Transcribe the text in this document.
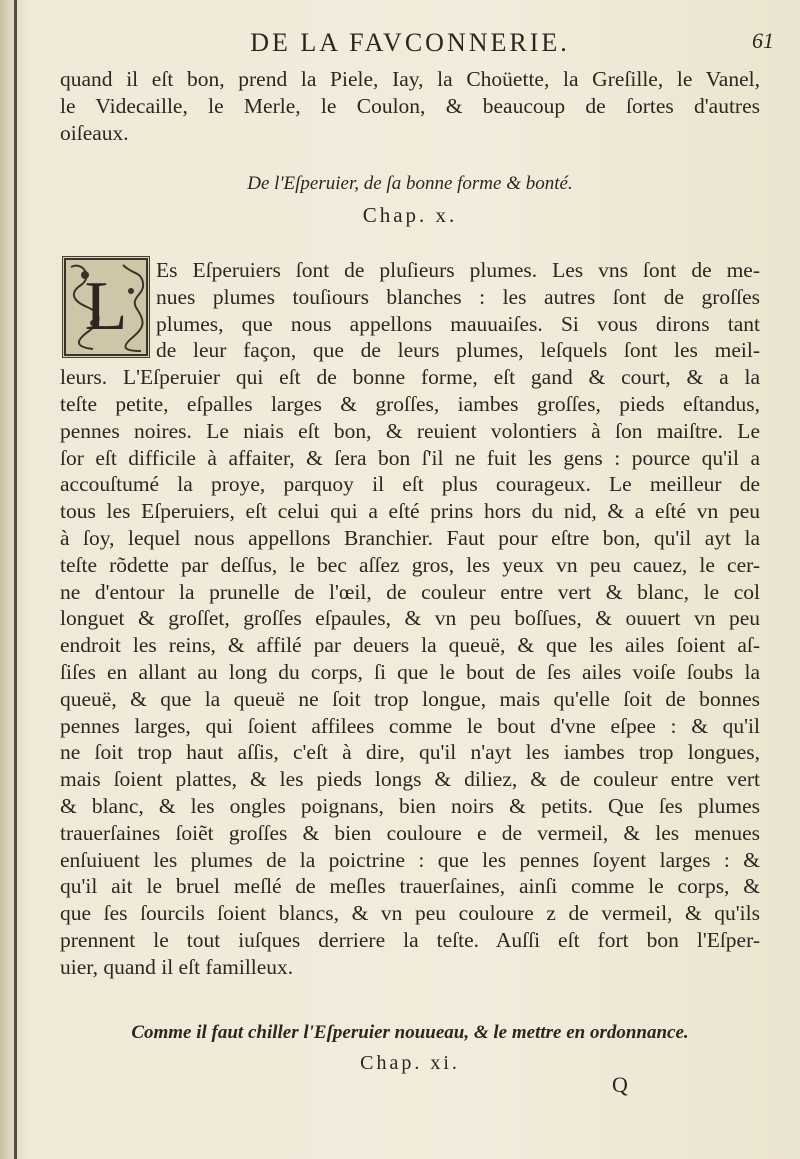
DE LA FAVCONNERIE.	61
quand il eſt bon, prend la Piele, Iay, la Choüette, la Greſille, le Vanel,
le Videcaille, le Merle, le Coulon, & beaucoup de ſortes d'autres
oiſeaux.
De l'Eſperuier, de ſa bonne forme & bonté.
Chap. x.
L	Es Eſperuiers ſont de pluſieurs plumes. Les vns ſont de me-
nues plumes touſiours blanches : les autres ſont de groſſes
plumes, que nous appellons mauuaiſes. Si vous dirons tant
de leur façon, que de leurs plumes, leſquels ſont les meil-
leurs. L'Eſperuier qui eſt de bonne forme, eſt gand & court, & a la
teſte petite, eſpalles larges & groſſes, iambes groſſes, pieds eſtandus,
pennes noires. Le niais eſt bon, & reuient volontiers à ſon maiſtre. Le
ſor eſt difficile à affaiter, & ſera bon ſ'il ne fuit les gens : pource qu'il a
accouſtumé la proye, parquoy il eſt plus courageux. Le meilleur de
tous les Eſperuiers, eſt celui qui a eſté prins hors du nid, & a eſté vn peu
à ſoy, lequel nous appellons Branchier. Faut pour eſtre bon, qu'il ayt la
teſte rõdette par deſſus, le bec aſſez gros, les yeux vn peu cauez, le cer-
ne d'entour la prunelle de l'œil, de couleur entre vert & blanc, le col
longuet & groſſet, groſſes eſpaules, & vn peu boſſues, & ouuert vn peu
endroit les reins, & affilé par deuers la queuë, & que les ailes ſoient aſ-
ſiſes en allant au long du corps, ſi que le bout de ſes ailes voiſe ſoubs la
queuë, & que la queuë ne ſoit trop longue, mais qu'elle ſoit de bonnes
pennes larges, qui ſoient affilees comme le bout d'vne eſpee : & qu'il
ne ſoit trop haut aſſis, c'eſt à dire, qu'il n'ayt les iambes trop longues,
mais ſoient plattes, & les pieds longs & diliez, & de couleur entre vert
& blanc, & les ongles poignans, bien noirs & petits. Que ſes plumes
trauerſaines ſoiẽt groſſes & bien couloure e de vermeil, & les menues
enſuiuent les plumes de la poictrine : que les pennes ſoyent larges : &
qu'il ait le bruel meſlé de meſles trauerſaines, ainſi comme le corps, &
que ſes ſourcils ſoient blancs, & vn peu couloure z de vermeil, & qu'ils
prennent le tout iuſques derriere la teſte. Auſſi eſt fort bon l'Eſper-
uier, quand il eſt familleux.
Comme il faut chiller l'Eſperuier nouueau, & le mettre en ordonnance.
Chap. xi.
Q
